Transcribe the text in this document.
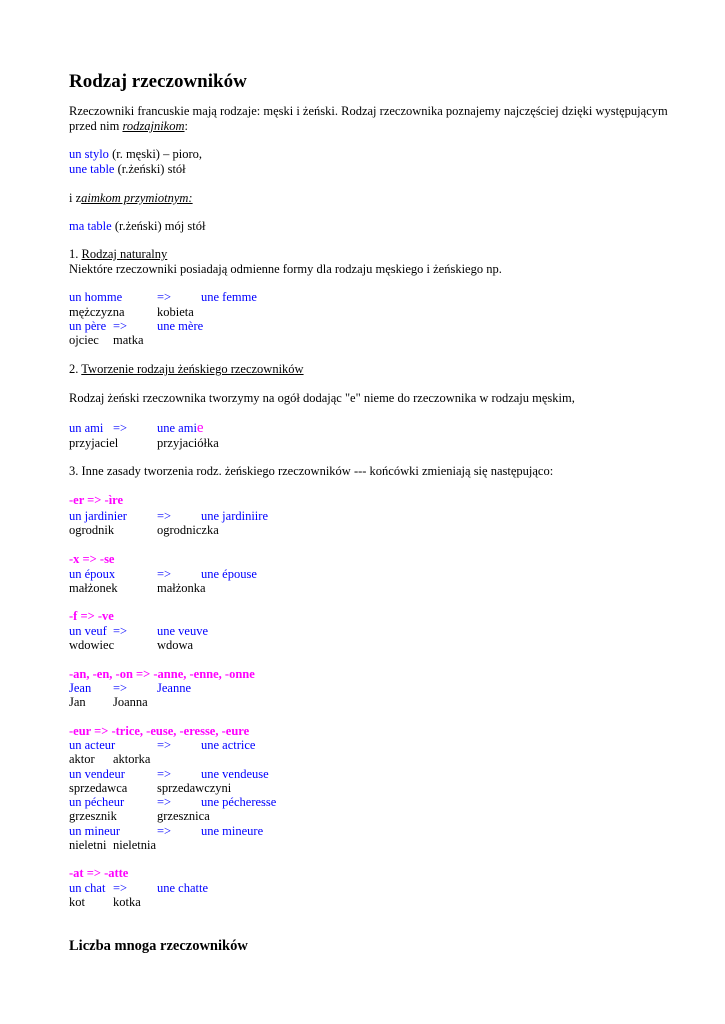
Rodzaj rzeczowników
Rzeczowniki francuskie mają rodzaje: męski i żeński. Rodzaj rzeczownika poznajemy najczęściej dzięki występującym
przed nim rodzajnikom:
un stylo (r. męski) – pioro,
une table (r.żeński) stół
i zaimkom przymiotnym:
ma table (r.żeński) mój stół
1. Rodzaj naturalny
Niektóre rzeczowniki posiadają odmienne formy dla rodzaju męskiego i żeńskiego np.
un homme	=> une femme
mężczyzna	kobieta
un père => une mère
ojciec matka
2. Tworzenie rodzaju żeńskiego rzeczowników
Rodzaj żeński rzeczownika tworzymy na ogół dodając "e" nieme do rzeczownika w rodzaju męskim,
un ami => une amie
przyjaciel	przyjaciółka
3. Inne zasady tworzenia rodz. żeńskiego rzeczowników --- końcówki zmieniają się następująco:
-er => -ìre
un jardinier => une jardiniire
ogrodnik	ogrodniczka
-x => -se
un époux	=> une épouse
małżonek	małżonka
-f => -ve
un veuf => une veuve
wdowiec	wdowa
-an, -en, -on => -anne, -enne, -onne
Jean => Jeanne
Jan Joanna
-eur => -trice, -euse, -eresse, -eure
un acteur	=> une actrice
aktor aktorka
un vendeur	=> une vendeuse
sprzedawca sprzedawczyni
un pécheur	=> une pécheresse
grzesznik	grzesznica
un mineur	=> une mineure
nieletni nieletnia
-at => -atte
un chat => une chatte
kot kotka
Liczba mnoga rzeczowników
